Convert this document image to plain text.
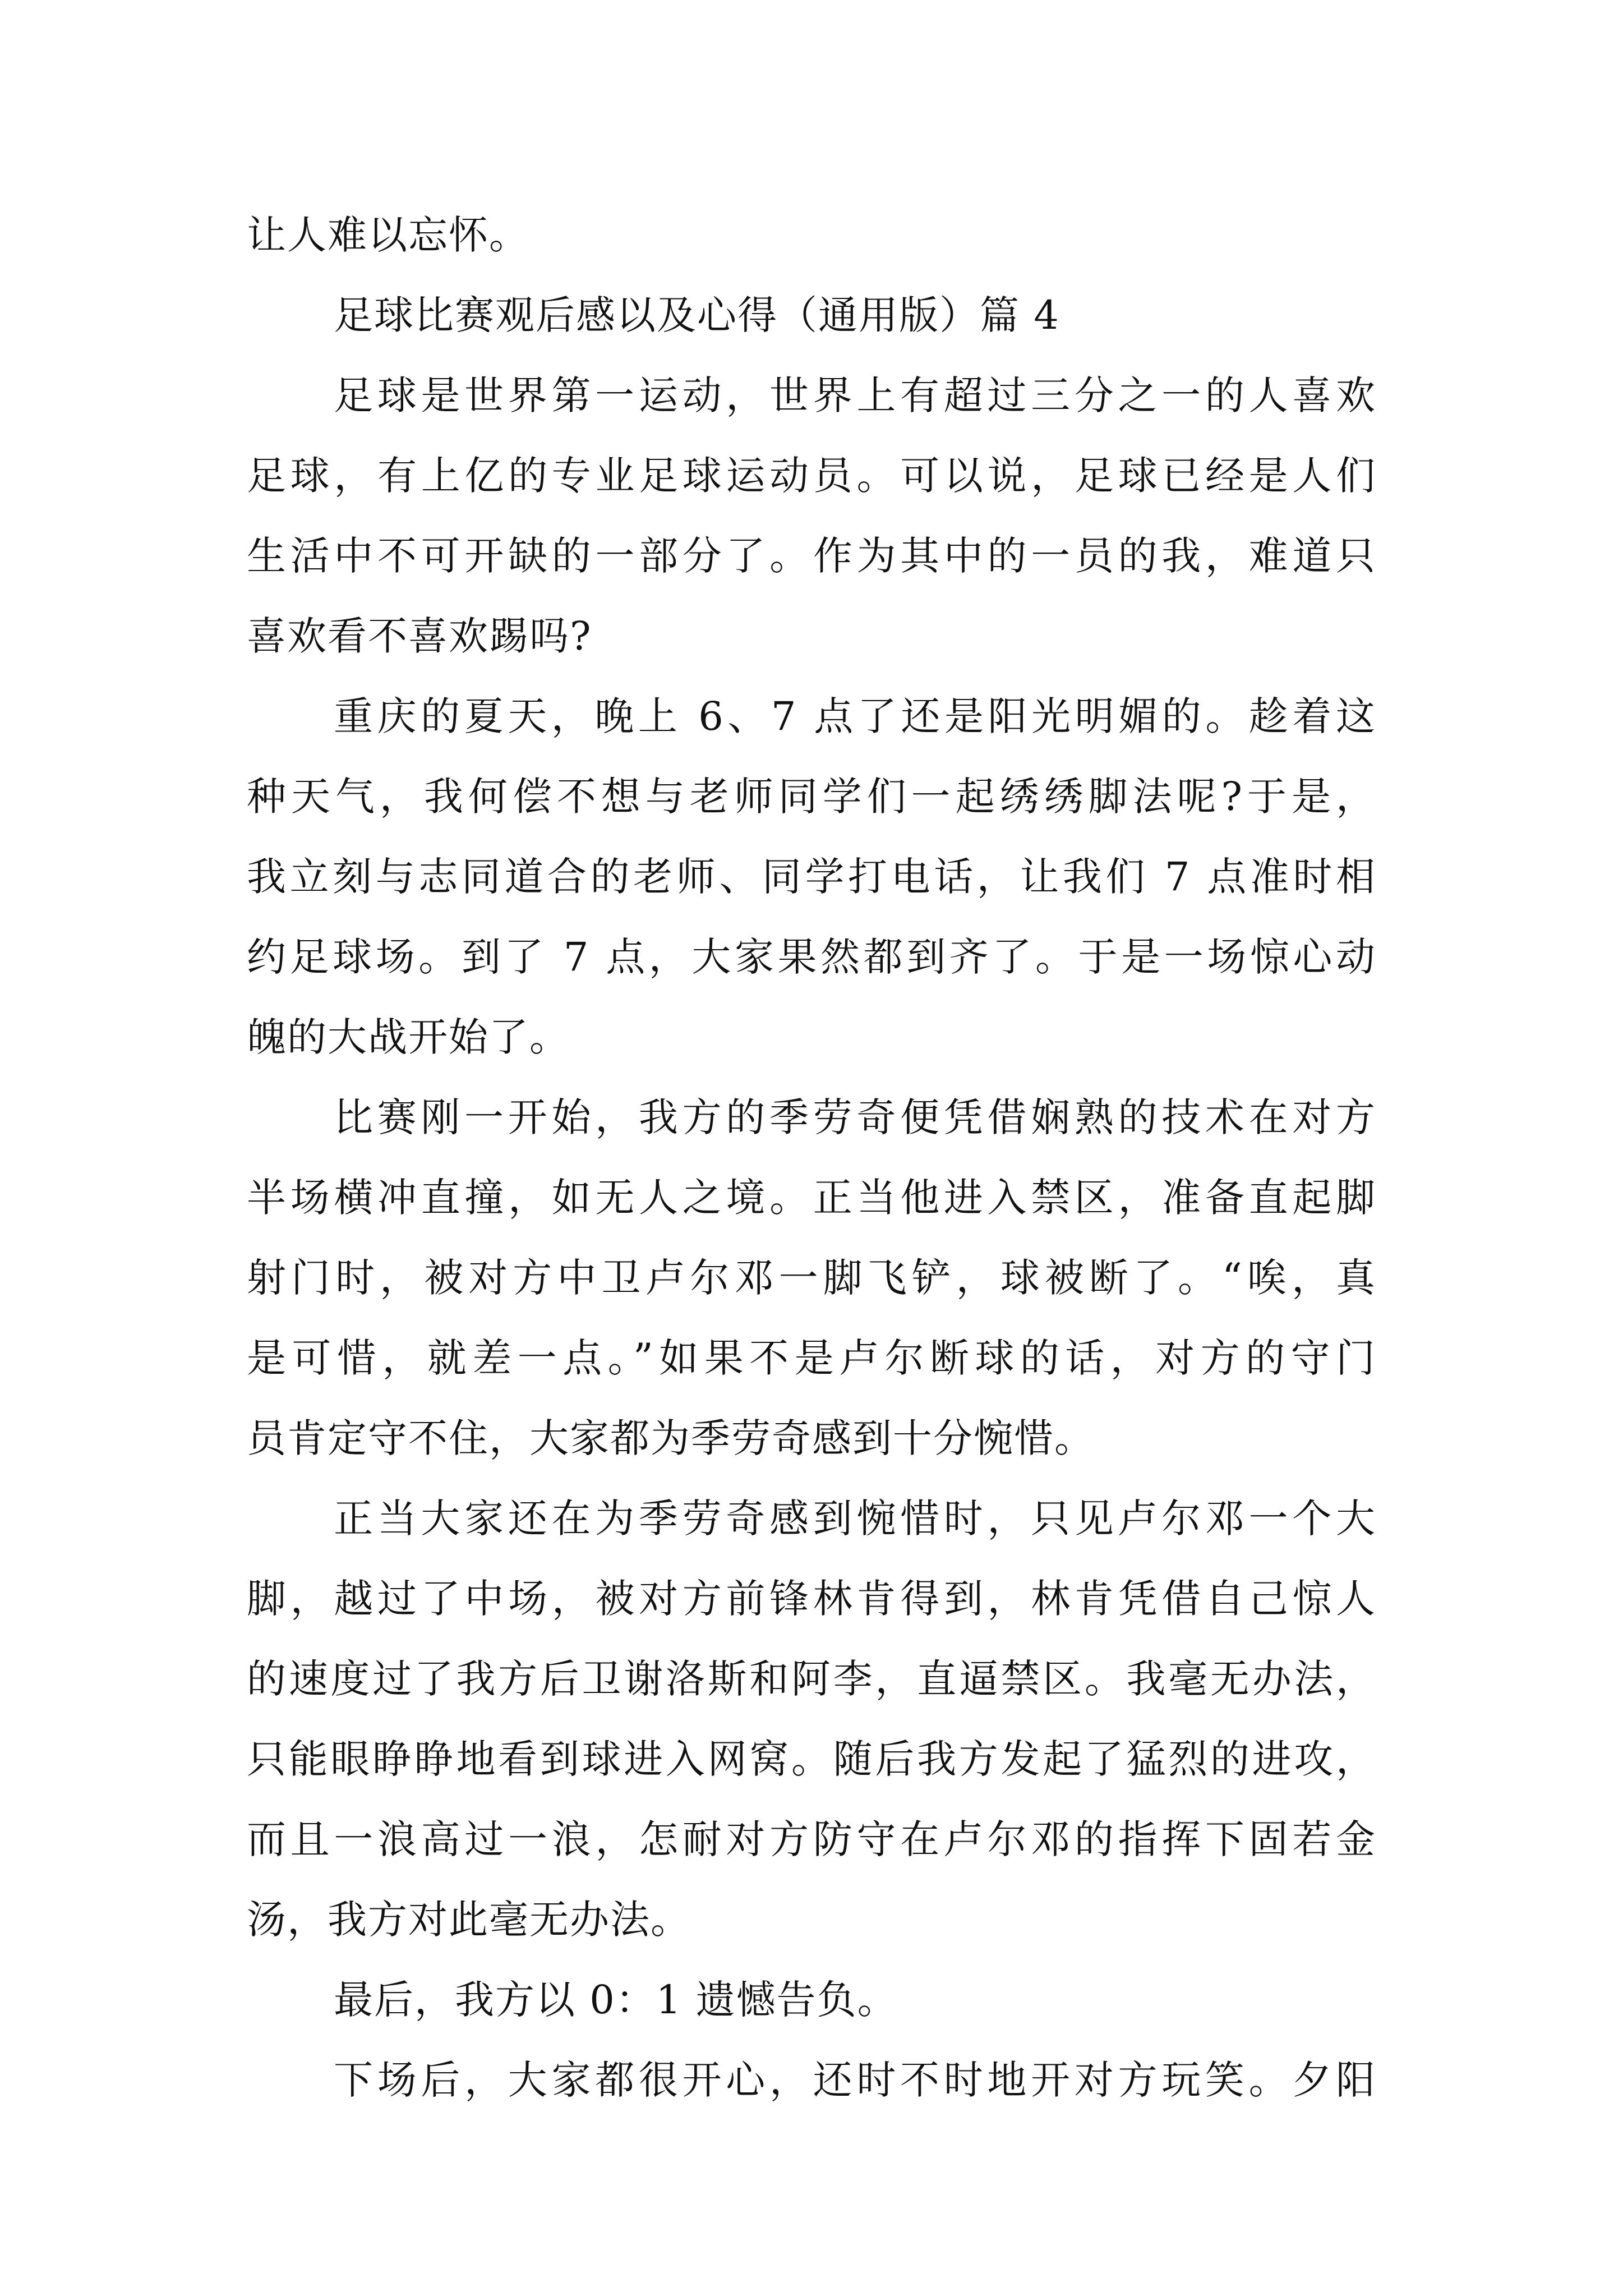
让人难以忘怀。
足球比赛观后感以及心得（通用版）篇 4
足球是世界第一运动，世界上有超过三分之一的人喜欢
足球，有上亿的专业足球运动员。可以说，足球已经是人们
生活中不可开缺的一部分了。作为其中的一员的我，难道只
喜欢看不喜欢踢吗?
重庆的夏天，晚上 6、7 点了还是阳光明媚的。趁着这
种天气，我何偿不想与老师同学们一起绣绣脚法呢?于是，
我立刻与志同道合的老师、同学打电话，让我们 7 点准时相
约足球场。到了 7 点，大家果然都到齐了。于是一场惊心动
魄的大战开始了。
比赛刚一开始，我方的季劳奇便凭借娴熟的技术在对方
半场横冲直撞，如无人之境。正当他进入禁区，准备直起脚
射门时，被对方中卫卢尔邓一脚飞铲，球被断了。“唉，真
是可惜，就差一点。”如果不是卢尔断球的话，对方的守门
员肯定守不住，大家都为季劳奇感到十分惋惜。
正当大家还在为季劳奇感到惋惜时，只见卢尔邓一个大
脚，越过了中场，被对方前锋林肯得到，林肯凭借自己惊人
的速度过了我方后卫谢洛斯和阿李，直逼禁区。我毫无办法，
只能眼睁睁地看到球进入网窝。随后我方发起了猛烈的进攻，
而且一浪高过一浪，怎耐对方防守在卢尔邓的指挥下固若金
汤，我方对此毫无办法。
最后，我方以 0：1 遗憾告负。
下场后，大家都很开心，还时不时地开对方玩笑。夕阳
